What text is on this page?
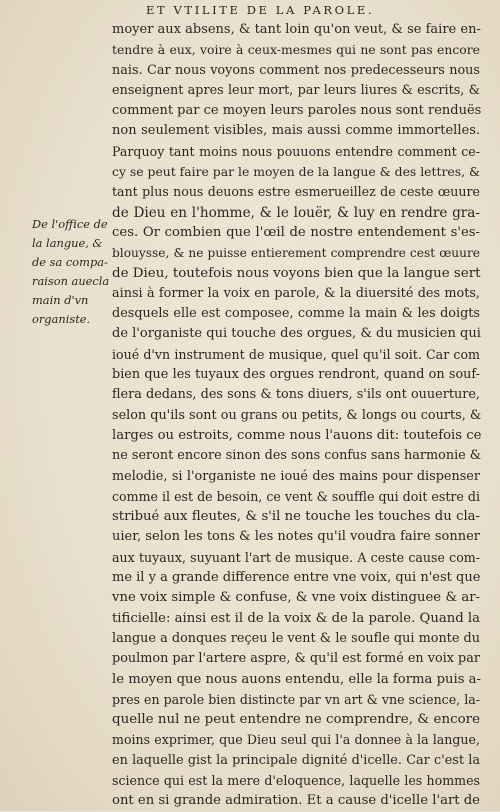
ET VTILITE DE LA PAROLE.
De l'office de
la langue, &
de sa compa-
raison auecla
main d'vn
organiste.
moyer aux absens, & tant loin qu'on veut, & se faire en-
tendre à eux, voire à ceux-mesmes qui ne sont pas encore
nais. Car nous voyons comment nos predecesseurs nous
enseignent apres leur mort, par leurs liures & escrits, &
comment par ce moyen leurs paroles nous sont renduës
non seulement visibles, mais aussi comme immortelles.
Parquoy tant moins nous pouuons entendre comment ce-
cy se peut faire par le moyen de la langue & des lettres, &
tant plus nous deuons estre esmerueillez de ceste œuure
de Dieu en l'homme, & le louër, & luy en rendre gra-
ces. Or combien que l'œil de nostre entendement s'es-
blouysse, & ne puisse entierement comprendre cest œuure
de Dieu, toutefois nous voyons bien que la langue sert
ainsi à former la voix en parole, & la diuersité des mots,
desquels elle est composee, comme la main & les doigts
de l'organiste qui touche des orgues, & du musicien qui
ioué d'vn instrument de musique, quel qu'il soit. Car com
bien que les tuyaux des orgues rendront, quand on souf-
flera dedans, des sons & tons diuers, s'ils ont ouuerture,
selon qu'ils sont ou grans ou petits, & longs ou courts, &
larges ou estroits, comme nous l'auons dit: toutefois ce
ne seront encore sinon des sons confus sans harmonie &
melodie, si l'organiste ne ioué des mains pour dispenser
comme il est de besoin, ce vent & souffle qui doit estre di
stribué aux fleutes, & s'il ne touche les touches du cla-
uier, selon les tons & les notes qu'il voudra faire sonner
aux tuyaux, suyuant l'art de musique. A ceste cause com-
me il y a grande difference entre vne voix, qui n'est que
vne voix simple & confuse, & vne voix distinguee & ar-
tificielle: ainsi est il de la voix & de la parole. Quand la
langue a donques reçeu le vent & le soufle qui monte du
poulmon par l'artere aspre, & qu'il est formé en voix par
le moyen que nous auons entendu, elle la forma puis a-
pres en parole bien distincte par vn art & vne science, la-
quelle nul ne peut entendre ne comprendre, & encore
moins exprimer, que Dieu seul qui l'a donnee à la langue,
en laquelle gist la principale dignité d'icelle. Car c'est la
science qui est la mere d'eloquence, laquelle les hommes
ont en si grande admiration. Et a cause d'icelle l'art de
